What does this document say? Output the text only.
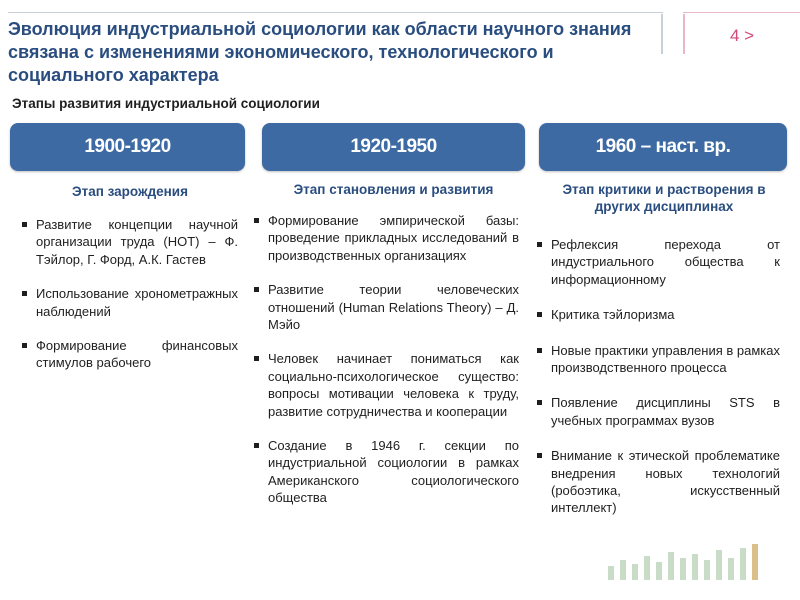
Эволюция индустриальной социологии как области научного знания связана с изменениями экономического, технологического и социального характера
4 >
Этапы развития индустриальной социологии
1900-1920	1920-1950	1960 – наст. вр.
Этап зарождения	Этап становления и развития	Этап критики и растворения в других дисциплинах
Развитие концепции научной организации труда (НОТ) – Ф. Тэйлор, Г. Форд, А.К. Гастев
Использование хронометражных наблюдений
Формирование финансовых стимулов рабочего
Формирование эмпирической базы: проведение прикладных исследований в производственных организациях
Развитие теории человеческих отношений (Human Relations Theory) – Д. Мэйо
Человек начинает пониматься как социально-психологическое существо: вопросы мотивации человека к труду, развитие сотрудничества и кооперации
Создание в 1946 г. секции по индустриальной социологии в рамках Американского социологического общества
Рефлексия перехода от индустриального общества к информационному
Критика тэйлоризма
Новые практики управления в рамках производственного процесса
Появление дисциплины STS в учебных программах вузов
Внимание к этической проблематике внедрения новых технологий (робоэтика, искусственный интеллект)
